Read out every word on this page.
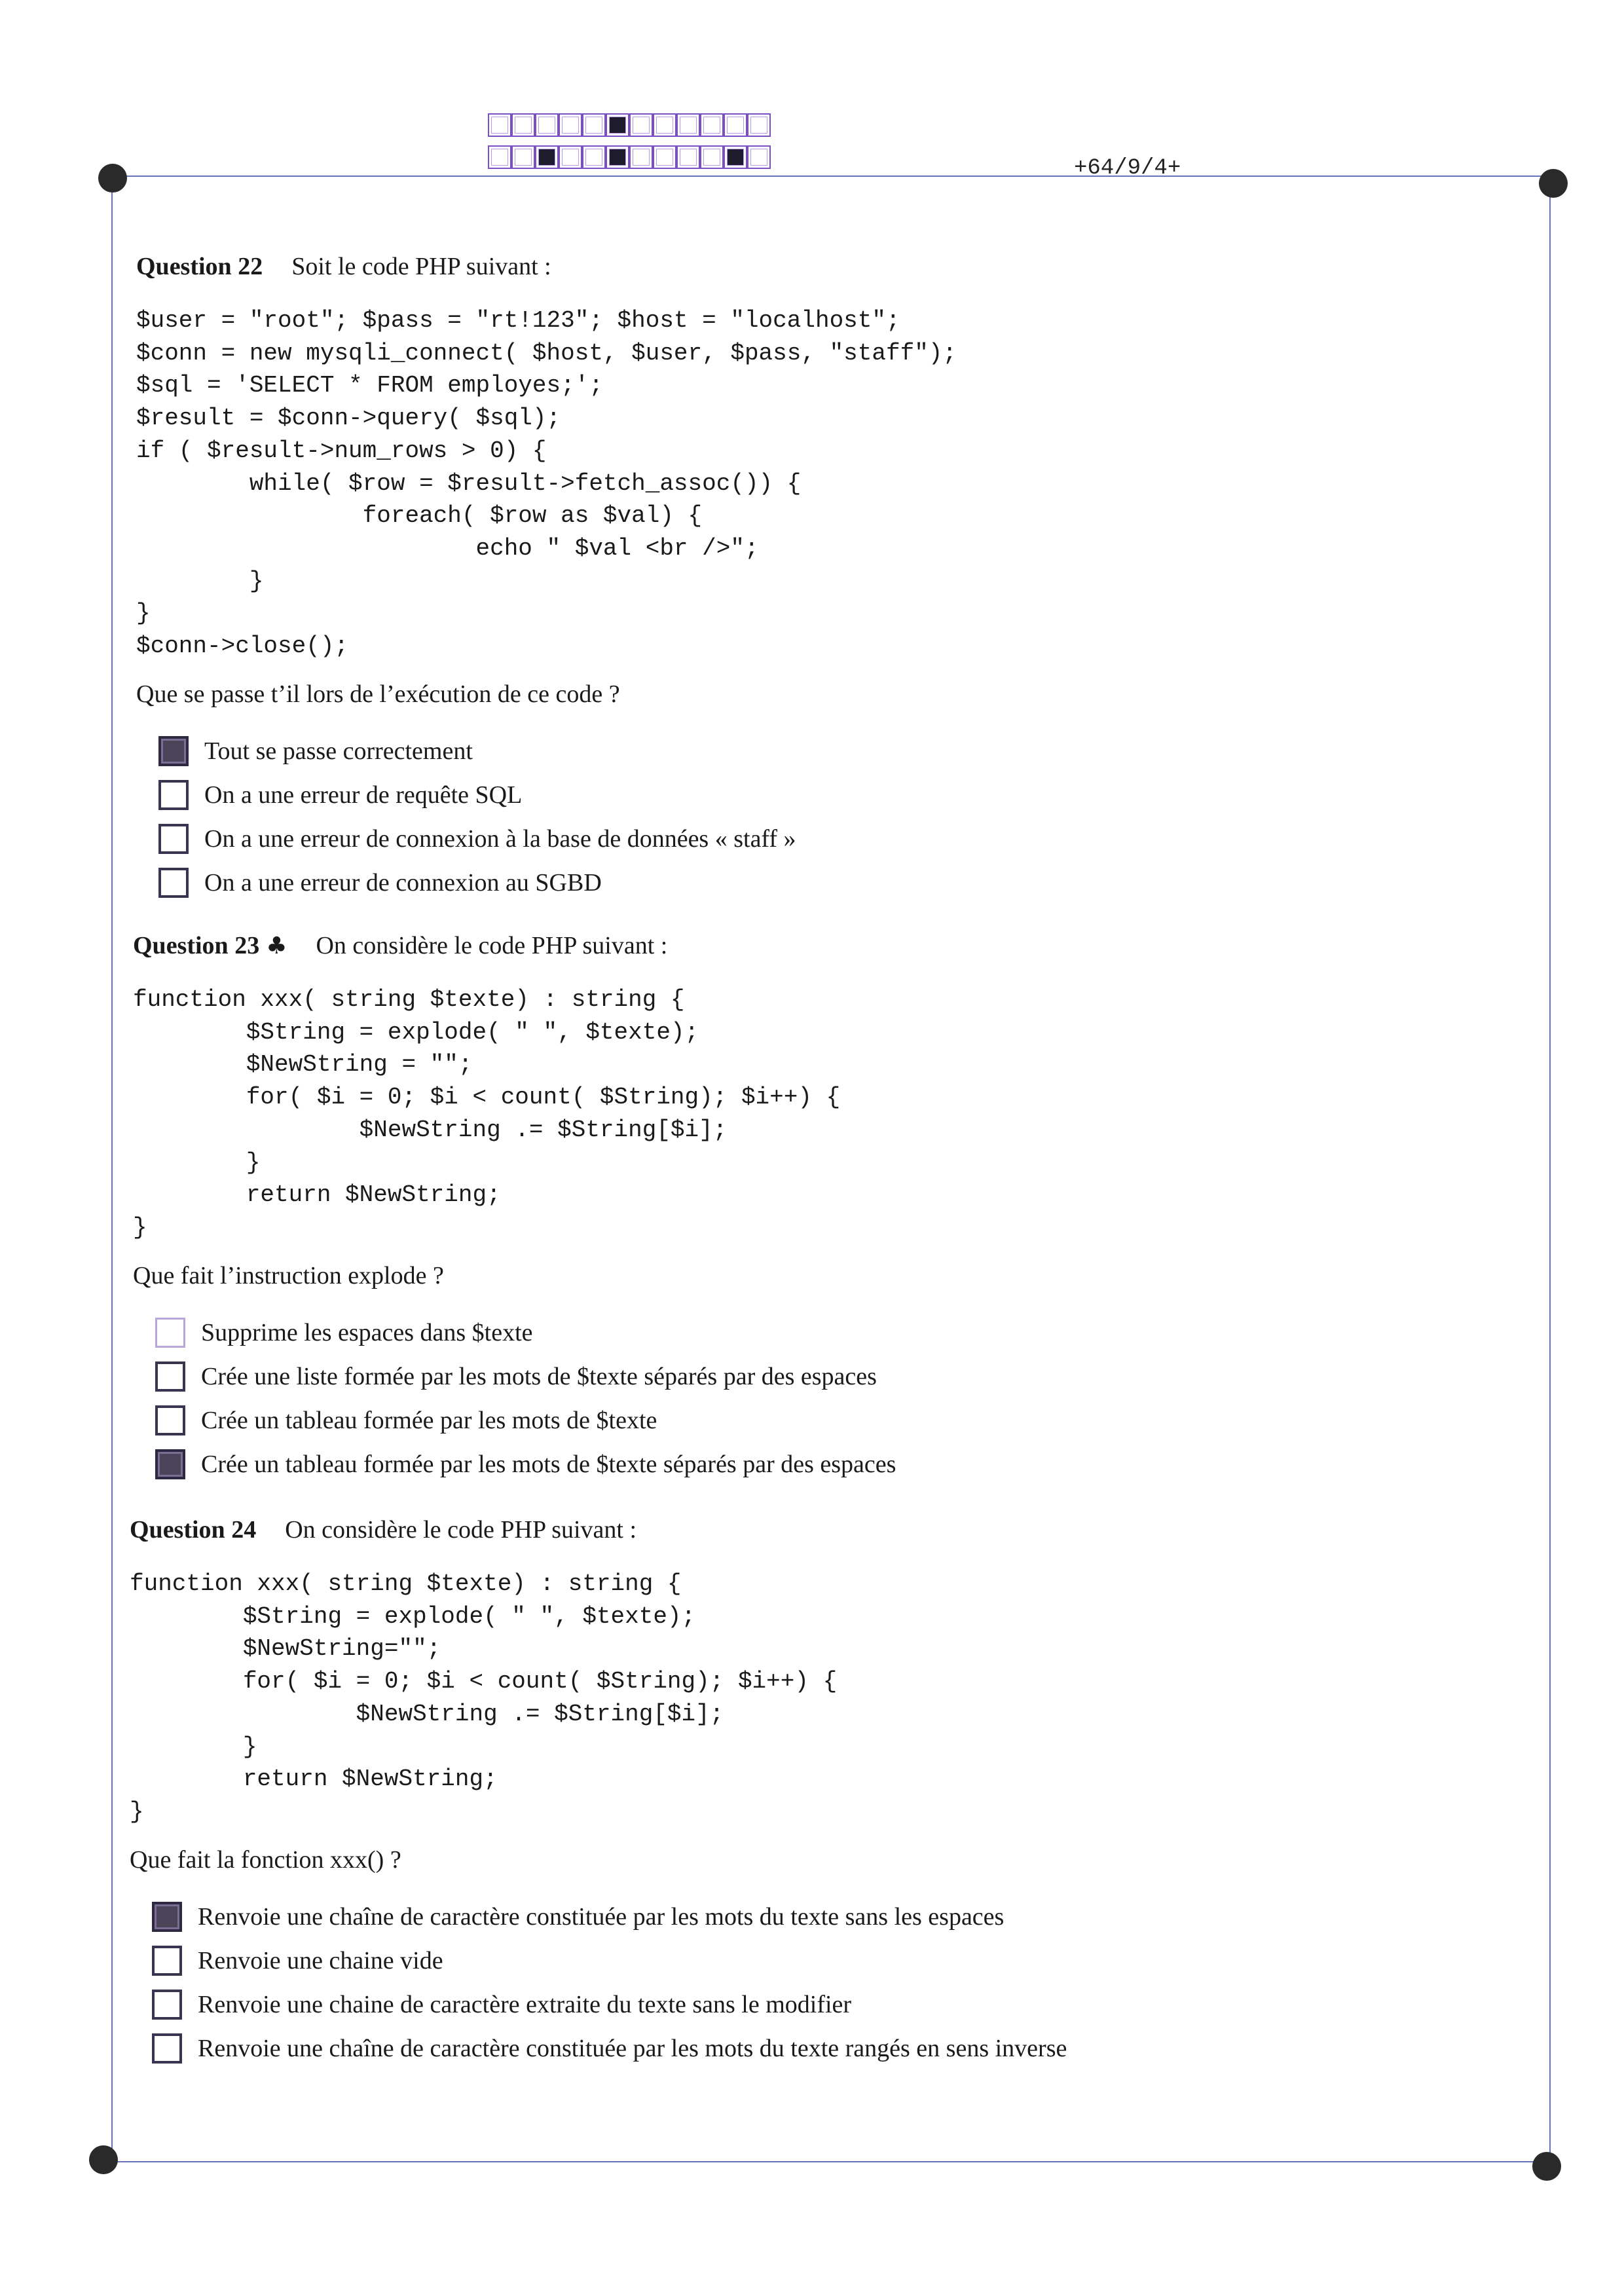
+64/9/4+
Question 22 Soit le code PHP suivant :
$user = "root"; $pass = "rt!123"; $host = "localhost";
$conn = new mysqli_connect( $host, $user, $pass, "staff");
$sql = 'SELECT * FROM employes;';
$result = $conn->query( $sql);
if ( $result->num_rows > 0) {
while( $row = $result->fetch_assoc()) {
foreach( $row as $val) {
echo " $val <br />";
}
}
$conn->close();
Que se passe t’il lors de l’exécution de ce code ?
Tout se passe correctement
On a une erreur de requête SQL
On a une erreur de connexion à la base de données « staff »
On a une erreur de connexion au SGBD
Question 23 ♣ On considère le code PHP suivant :
function xxx( string $texte) : string {
$String = explode( " ", $texte);
$NewString = "";
for( $i = 0; $i < count( $String); $i++) {
$NewString .= $String[$i];
}
return $NewString;
}
Que fait l’instruction explode ?
Supprime les espaces dans $texte
Crée une liste formée par les mots de $texte séparés par des espaces
Crée un tableau formée par les mots de $texte
Crée un tableau formée par les mots de $texte séparés par des espaces
Question 24 On considère le code PHP suivant :
function xxx( string $texte) : string {
$String = explode( " ", $texte);
$NewString="";
for( $i = 0; $i < count( $String); $i++) {
$NewString .= $String[$i];
}
return $NewString;
}
Que fait la fonction xxx() ?
Renvoie une chaîne de caractère constituée par les mots du texte sans les espaces
Renvoie une chaine vide
Renvoie une chaine de caractère extraite du texte sans le modifier
Renvoie une chaîne de caractère constituée par les mots du texte rangés en sens inverse
